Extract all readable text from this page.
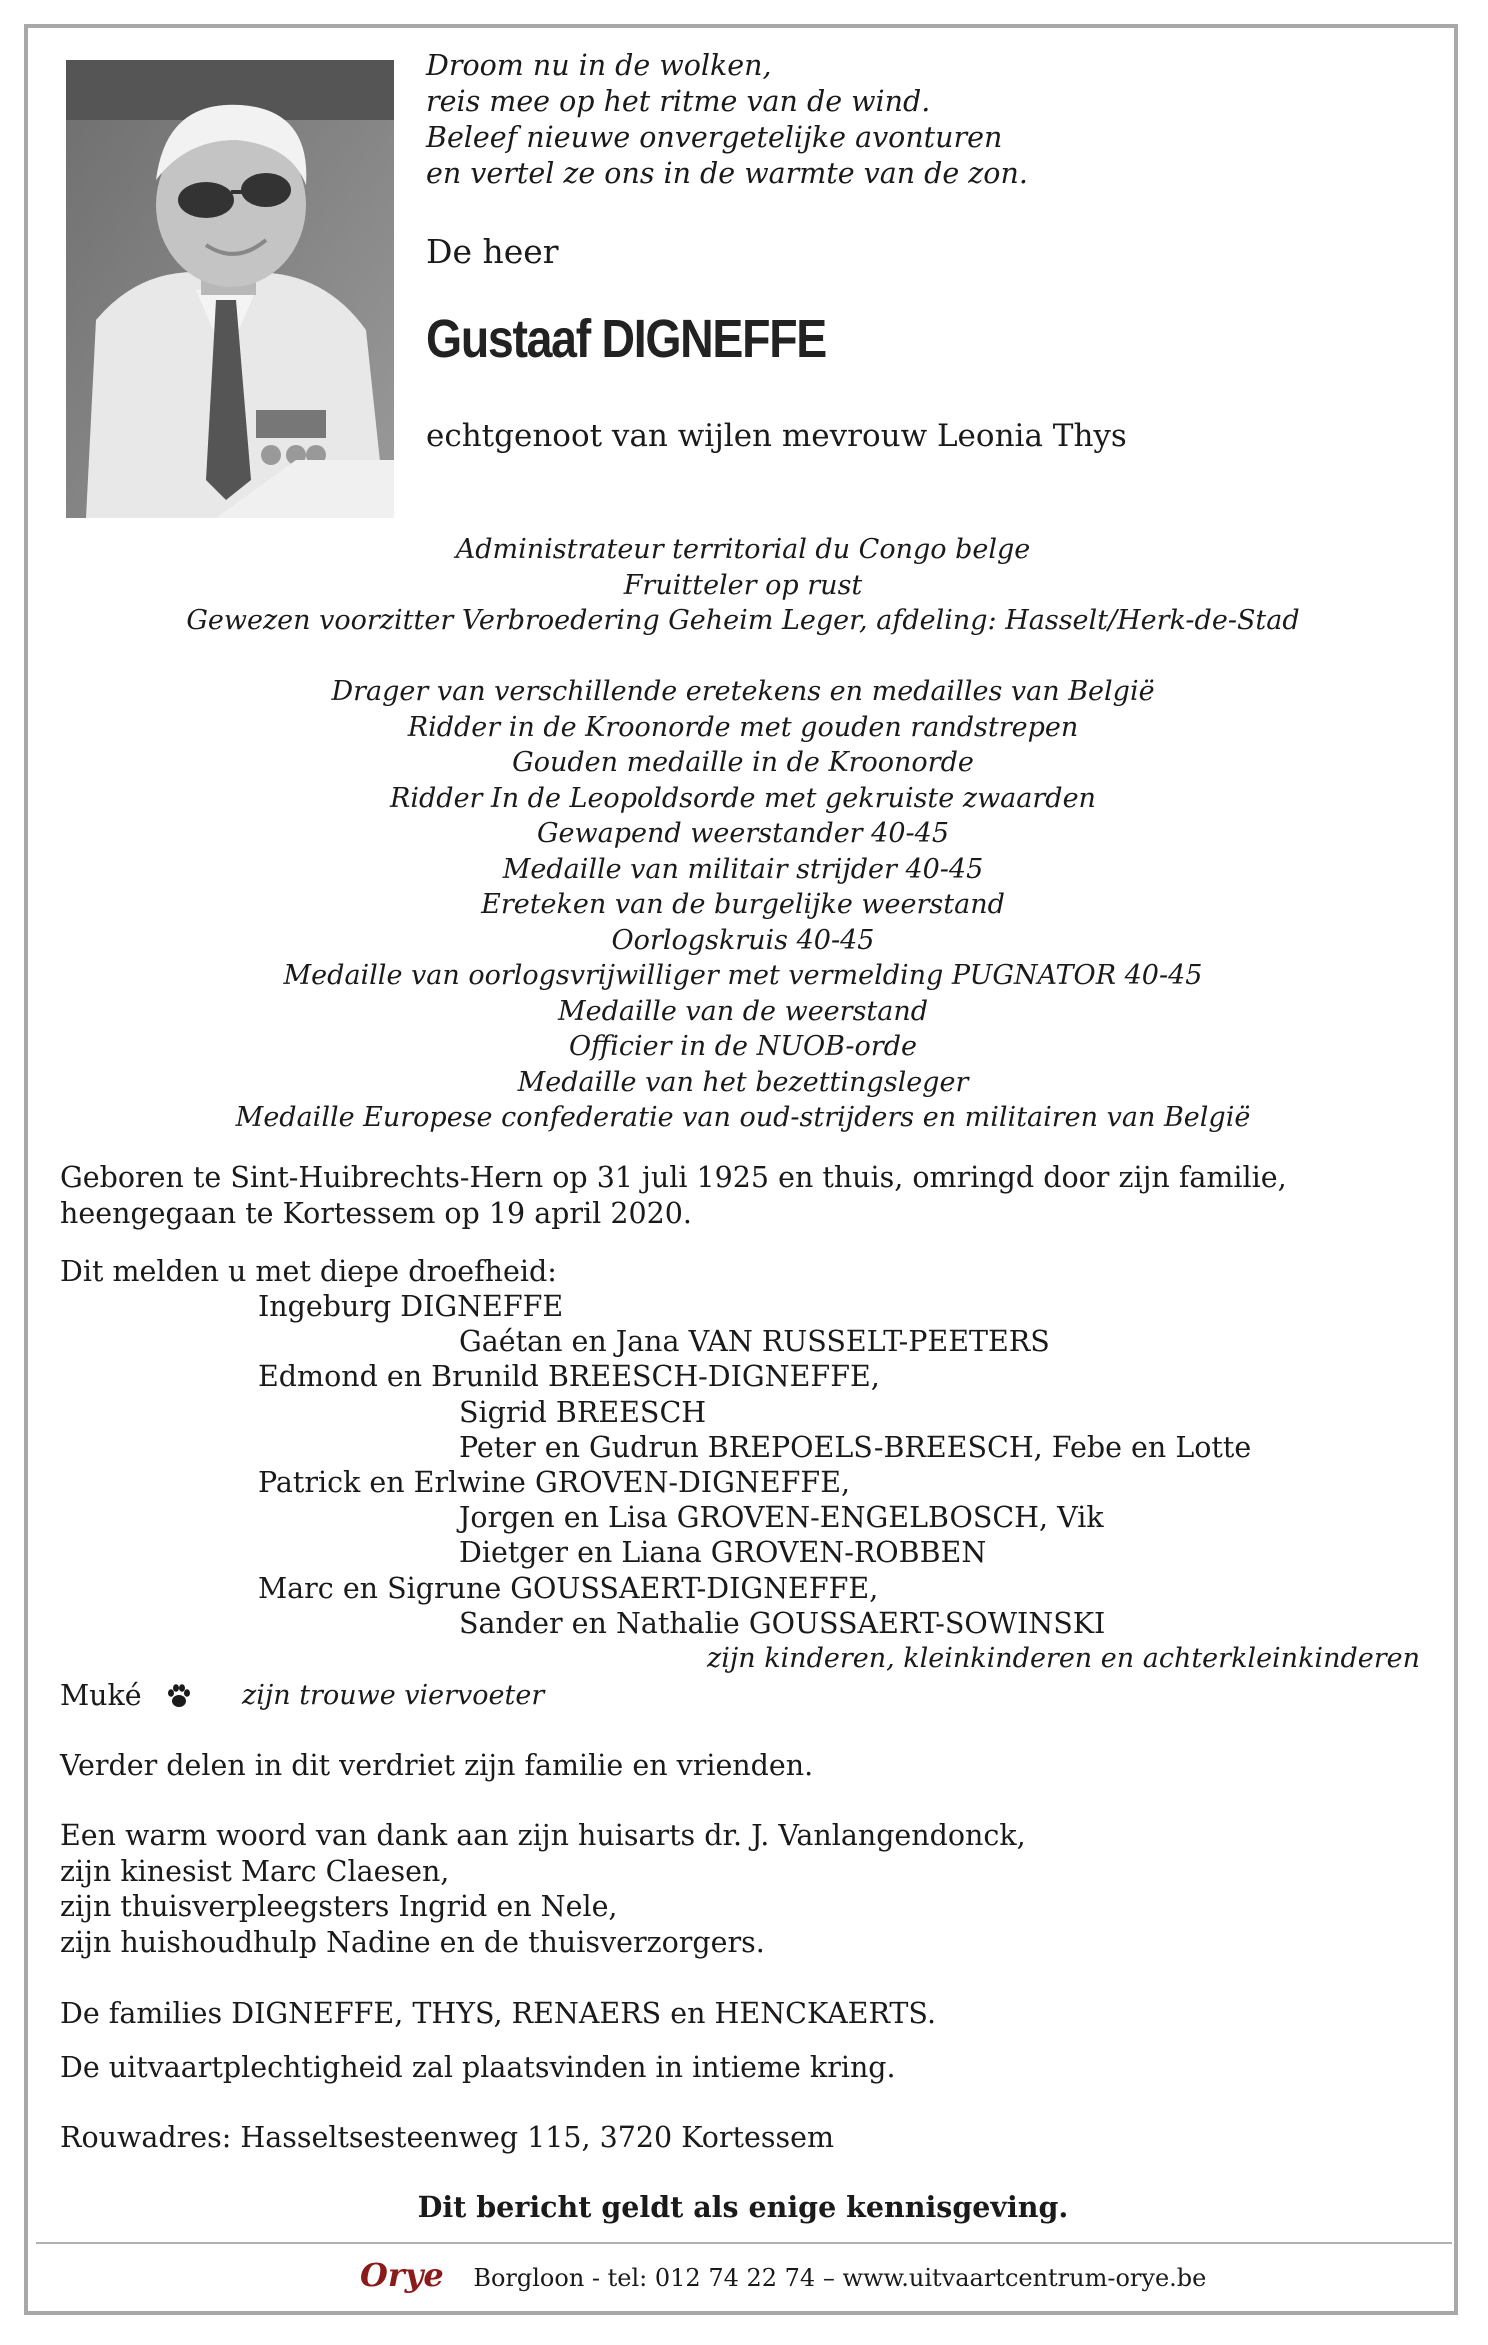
Droom nu in de wolken,
reis mee op het ritme van de wind.
Beleef nieuwe onvergetelijke avonturen
en vertel ze ons in de warmte van de zon.
De heer
Gustaaf DIGNEFFE
echtgenoot van wijlen mevrouw Leonia Thys
Administrateur territorial du Congo belge
Fruitteler op rust
Gewezen voorzitter Verbroedering Geheim Leger, afdeling: Hasselt/Herk-de-Stad
Drager van verschillende eretekens en medailles van België
Ridder in de Kroonorde met gouden randstrepen
Gouden medaille in de Kroonorde
Ridder In de Leopoldsorde met gekruiste zwaarden
Gewapend weerstander 40-45
Medaille van militair strijder 40-45
Ereteken van de burgelijke weerstand
Oorlogskruis 40-45
Medaille van oorlogsvrijwilliger met vermelding PUGNATOR 40-45
Medaille van de weerstand
Officier in de NUOB-orde
Medaille van het bezettingsleger
Medaille Europese confederatie van oud-strijders en militairen van België
Geboren te Sint-Huibrechts-Hern op 31 juli 1925 en thuis, omringd door zijn familie,
heengegaan te Kortessem op 19 april 2020.
Dit melden u met diepe droefheid:
Ingeburg DIGNEFFE
Gaétan en Jana VAN RUSSELT-PEETERS
Edmond en Brunild BREESCH-DIGNEFFE,
Sigrid BREESCH
Peter en Gudrun BREPOELS-BREESCH, Febe en Lotte
Patrick en Erlwine GROVEN-DIGNEFFE,
Jorgen en Lisa GROVEN-ENGELBOSCH, Vik
Dietger en Liana GROVEN-ROBBEN
Marc en Sigrune GOUSSAERT-DIGNEFFE,
Sander en Nathalie GOUSSAERT-SOWINSKI
zijn kinderen, kleinkinderen en achterkleinkinderen
Muké	zijn trouwe viervoeter
Verder delen in dit verdriet zijn familie en vrienden.
Een warm woord van dank aan zijn huisarts dr. J. Vanlangendonck,
zijn kinesist Marc Claesen,
zijn thuisverpleegsters Ingrid en Nele,
zijn huishoudhulp Nadine en de thuisverzorgers.
De families DIGNEFFE, THYS, RENAERS en HENCKAERTS.
De uitvaartplechtigheid zal plaatsvinden in intieme kring.
Rouwadres: Hasseltsesteenweg 115, 3720 Kortessem
Dit bericht geldt als enige kennisgeving.
Orye Borgloon - tel: 012 74 22 74 – www.uitvaartcentrum-orye.be
